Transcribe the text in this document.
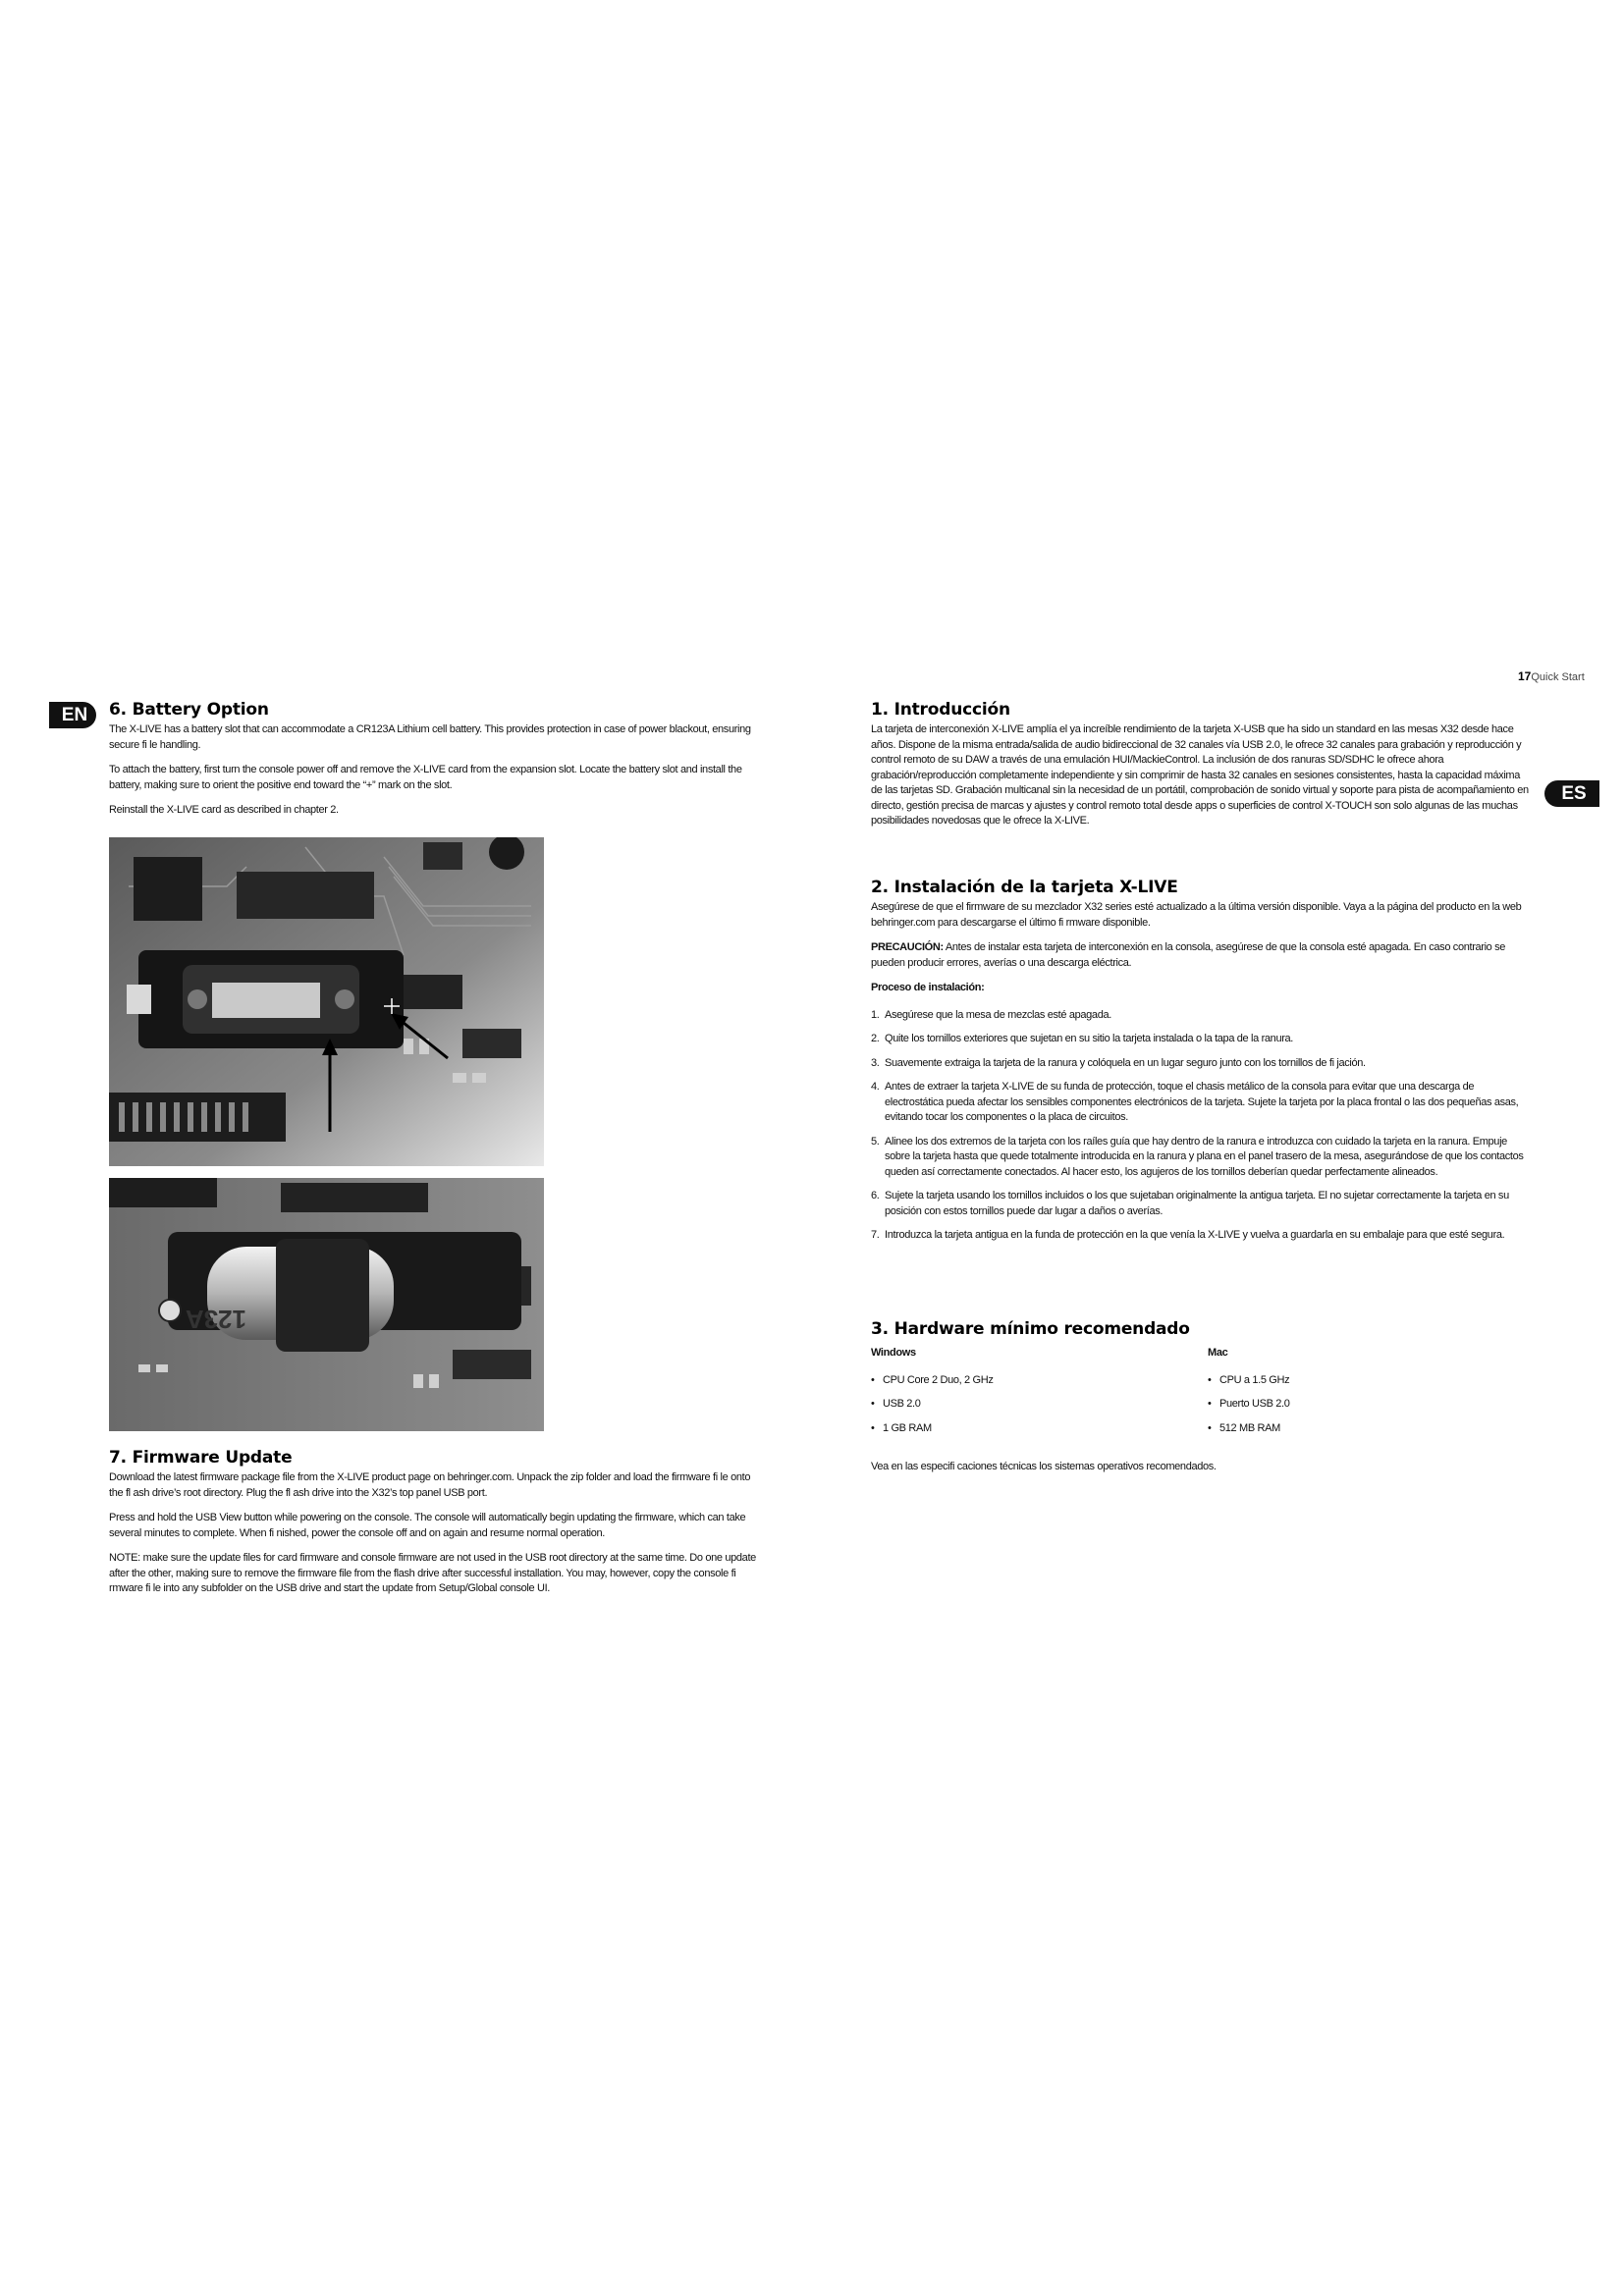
17Quick Start
EN
ES
6. Battery Option

The X-LIVE has a battery slot that can accommodate a CR123A Lithium cell battery. This provides protection in case of power blackout, ensuring secure fi le handling.

To attach the battery, first turn the console power off and remove the X-LIVE card from the expansion slot. Locate the battery slot and install the battery, making sure to orient the positive end toward the “+” mark on the slot.

Reinstall the X-LIVE card as described in chapter 2.

123A
7. Firmware Update

Download the latest firmware package file from the X-LIVE product page on behringer.com. Unpack the zip folder and load the firmware fi le onto the fl ash drive’s root directory. Plug the fl ash drive into the X32’s top panel USB port.

Press and hold the USB View button while powering on the console. The console will automatically begin updating the firmware, which can take several minutes to complete. When fi nished, power the console off and on again and resume normal operation.

NOTE: make sure the update files for card firmware and console firmware are not used in the USB root directory at the same time. Do one update after the other, making sure to remove the firmware file from the flash drive after successful installation. You may, however, copy the console fi rmware fi le into any subfolder on the USB drive and start the update from Setup/Global console UI.

1. Introducción

La tarjeta de interconexión X-LIVE amplía el ya increíble rendimiento de la tarjeta X-USB que ha sido un standard en las mesas X32 desde hace años. Dispone de la misma entrada/salida de audio bidireccional de 32 canales vía USB 2.0, le ofrece 32 canales para grabación y reproducción y control remoto de su DAW a través de una emulación HUI/MackieControl. La inclusión de dos ranuras SD/SDHC le ofrece ahora grabación/reproducción completamente independiente y sin comprimir de hasta 32 canales en sesiones consistentes, hasta la capacidad máxima de las tarjetas SD. Grabación multicanal sin la necesidad de un portátil, comprobación de sonido virtual y soporte para pista de acompañamiento en directo, gestión precisa de marcas y ajustes y control remoto total desde apps o superficies de control X-TOUCH son solo algunas de las muchas posibilidades novedosas que le ofrece la X-LIVE.

2. Instalación de la tarjeta X-LIVE

Asegúrese de que el firmware de su mezclador X32 series esté actualizado a la última versión disponible. Vaya a la página del producto en la web behringer.com para descargarse el último fi rmware disponible.

PRECAUCIÓN: Antes de instalar esta tarjeta de interconexión en la consola, asegúrese de que la consola esté apagada. En caso contrario se pueden producir errores, averías o una descarga eléctrica.

Proceso de instalación:

1. Asegúrese que la mesa de mezclas esté apagada.
2. Quite los tornillos exteriores que sujetan en su sitio la tarjeta instalada o la tapa de la ranura.
3. Suavemente extraiga la tarjeta de la ranura y colóquela en un lugar seguro junto con los tornillos de fi jación.
4. Antes de extraer la tarjeta X-LIVE de su funda de protección, toque el chasis metálico de la consola para evitar que una descarga de electrostática pueda afectar los sensibles componentes electrónicos de la tarjeta. Sujete la tarjeta por la placa frontal o las dos pequeñas asas, evitando tocar los componentes o la placa de circuitos.
5. Alinee los dos extremos de la tarjeta con los raíles guía que hay dentro de la ranura e introduzca con cuidado la tarjeta en la ranura. Empuje sobre la tarjeta hasta que quede totalmente introducida en la ranura y plana en el panel trasero de la mesa, asegurándose de que los contactos queden así correctamente conectados. Al hacer esto, los agujeros de los tornillos deberían quedar perfectamente alineados.
6. Sujete la tarjeta usando los tornillos incluidos o los que sujetaban originalmente la antigua tarjeta. El no sujetar correctamente la tarjeta en su posición con estos tornillos puede dar lugar a daños o averías.
7. Introduzca la tarjeta antigua en la funda de protección en la que venía la X-LIVE y vuelva a guardarla en su embalaje para que esté segura.
3. Hardware mínimo recomendado

Windows

• CPU Core 2 Duo, 2 GHz
• USB 2.0
• 1 GB RAM

Mac

• CPU a 1.5 GHz
• Puerto USB 2.0
• 512 MB RAM

Vea en las especifi caciones técnicas los sistemas operativos recomendados.
